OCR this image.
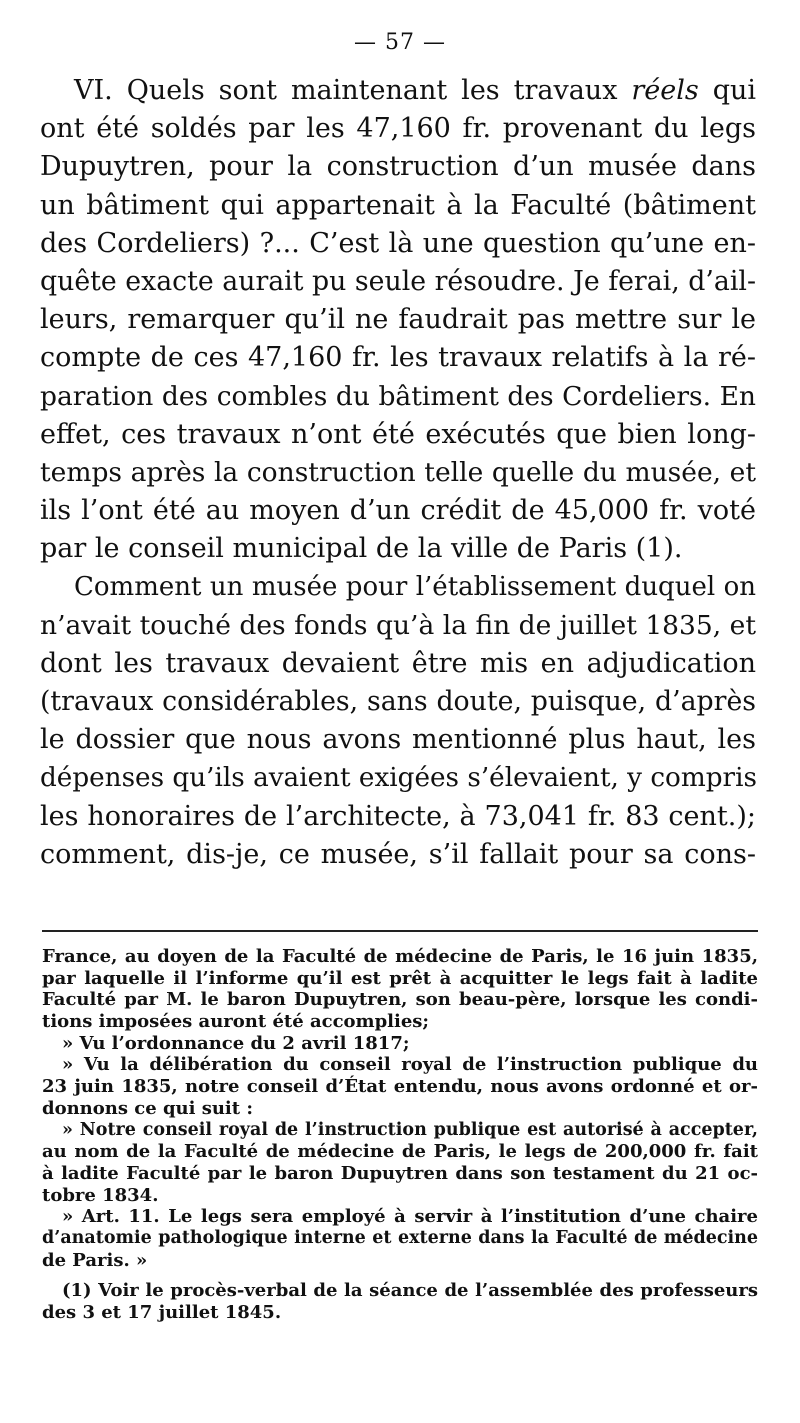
— 57 —
VI. Quels sont maintenant les travaux réels qui
ont été soldés par les 47,160 fr. provenant du legs
Dupuytren, pour la construction d’un musée dans
un bâtiment qui appartenait à la Faculté (bâtiment
des Cordeliers) ?... C’est là une question qu’une en-
quête exacte aurait pu seule résoudre. Je ferai, d’ail-
leurs, remarquer qu’il ne faudrait pas mettre sur le
compte de ces 47,160 fr. les travaux relatifs à la ré-
paration des combles du bâtiment des Cordeliers. En
effet, ces travaux n’ont été exécutés que bien long-
temps après la construction telle quelle du musée, et
ils l’ont été au moyen d’un crédit de 45,000 fr. voté
par le conseil municipal de la ville de Paris (1).
Comment un musée pour l’établissement duquel on
n’avait touché des fonds qu’à la fin de juillet 1835, et
dont les travaux devaient être mis en adjudication
(travaux considérables, sans doute, puisque, d’après
le dossier que nous avons mentionné plus haut, les
dépenses qu’ils avaient exigées s’élevaient, y compris
les honoraires de l’architecte, à 73,041 fr. 83 cent.);
comment, dis-je, ce musée, s’il fallait pour sa cons-
France, au doyen de la Faculté de médecine de Paris, le 16 juin 1835,
par laquelle il l’informe qu’il est prêt à acquitter le legs fait à ladite
Faculté par M. le baron Dupuytren, son beau-père, lorsque les condi-
tions imposées auront été accomplies;
» Vu l’ordonnance du 2 avril 1817;
» Vu la délibération du conseil royal de l’instruction publique du
23 juin 1835, notre conseil d’État entendu, nous avons ordonné et or-
donnons ce qui suit :
» Notre conseil royal de l’instruction publique est autorisé à accepter,
au nom de la Faculté de médecine de Paris, le legs de 200,000 fr. fait
à ladite Faculté par le baron Dupuytren dans son testament du 21 oc-
tobre 1834.
» Art. 11. Le legs sera employé à servir à l’institution d’une chaire
d’anatomie pathologique interne et externe dans la Faculté de médecine
de Paris. »
(1) Voir le procès-verbal de la séance de l’assemblée des professeurs
des 3 et 17 juillet 1845.
